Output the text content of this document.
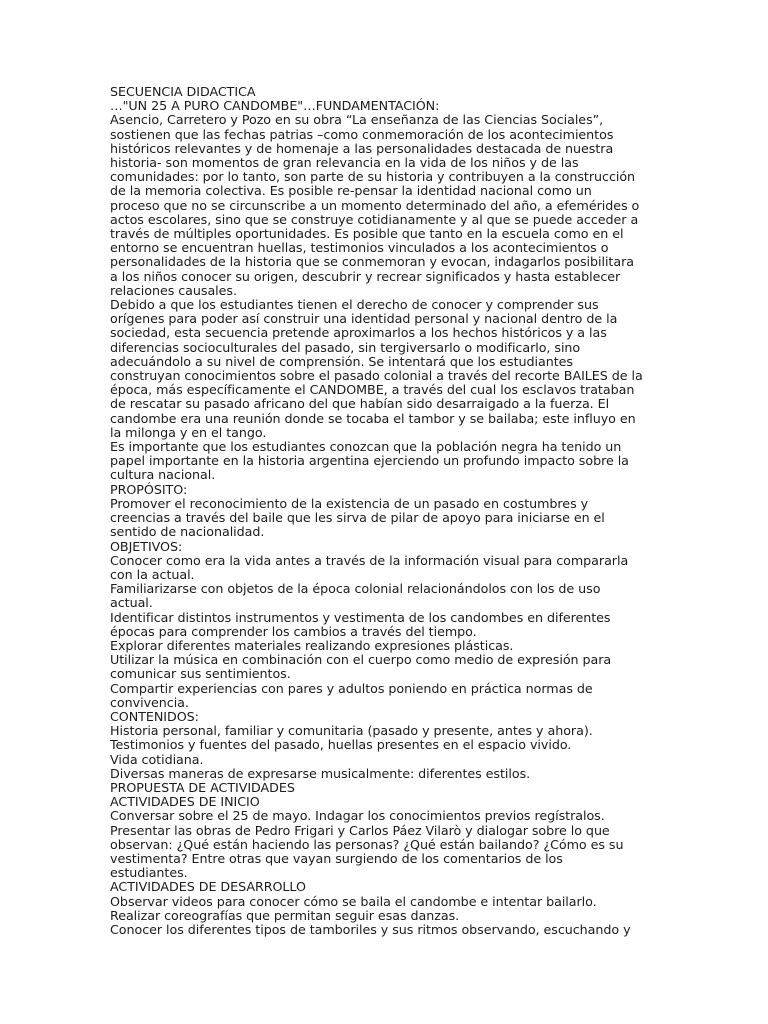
SECUENCIA DIDACTICA

…"UN 25 A PURO CANDOMBE"…FUNDAMENTACIÓN:

Asencio, Carretero y Pozo en su obra “La enseñanza de las Ciencias Sociales”,
sostienen que las fechas patrias –como conmemoración de los acontecimientos
históricos relevantes y de homenaje a las personalidades destacada de nuestra
historia- son momentos de gran relevancia en la vida de los niños y de las
comunidades: por lo tanto, son parte de su historia y contribuyen a la construcción
de la memoria colectiva. Es posible re-pensar la identidad nacional como un
proceso que no se circunscribe a un momento determinado del año, a efemérides o
actos escolares, sino que se construye cotidianamente y al que se puede acceder a
través de múltiples oportunidades. Es posible que tanto en la escuela como en el
entorno se encuentran huellas, testimonios vinculados a los acontecimientos o
personalidades de la historia que se conmemoran y evocan, indagarlos posibilitara
a los niños conocer su origen, descubrir y recrear significados y hasta establecer
relaciones causales.

Debido a que los estudiantes tienen el derecho de conocer y comprender sus
orígenes para poder así construir una identidad personal y nacional dentro de la
sociedad, esta secuencia pretende aproximarlos a los hechos históricos y a las
diferencias socioculturales del pasado, sin tergiversarlo o modificarlo, sino
adecuándolo a su nivel de comprensión. Se intentará que los estudiantes
construyan conocimientos sobre el pasado colonial a través del recorte BAILES de la
época, más específicamente el CANDOMBE, a través del cual los esclavos trataban
de rescatar su pasado africano del que habían sido desarraigado a la fuerza. El
candombe era una reunión donde se tocaba el tambor y se bailaba; este influyo en
la milonga y en el tango.

Es importante que los estudiantes conozcan que la población negra ha tenido un
papel importante en la historia argentina ejerciendo un profundo impacto sobre la
cultura nacional.

PROPÓSITO:

Promover el reconocimiento de la existencia de un pasado en costumbres y
creencias a través del baile que les sirva de pilar de apoyo para iniciarse en el
sentido de nacionalidad.

OBJETIVOS:

Conocer como era la vida antes a través de la información visual para compararla
con la actual.

Familiarizarse con objetos de la época colonial relacionándolos con los de uso
actual.

Identificar distintos instrumentos y vestimenta de los candombes en diferentes
épocas para comprender los cambios a través del tiempo.

Explorar diferentes materiales realizando expresiones plásticas.

Utilizar la música en combinación con el cuerpo como medio de expresión para
comunicar sus sentimientos.

Compartir experiencias con pares y adultos poniendo en práctica normas de
convivencia.

CONTENIDOS:

Historia personal, familiar y comunitaria (pasado y presente, antes y ahora).

Testimonios y fuentes del pasado, huellas presentes en el espacio vivido.

Vida cotidiana.

Diversas maneras de expresarse musicalmente: diferentes estilos.

PROPUESTA DE ACTIVIDADES

ACTIVIDADES DE INICIO

Conversar sobre el 25 de mayo. Indagar los conocimientos previos regístralos.

Presentar las obras de Pedro Frigari y Carlos Páez Vilarò y dialogar sobre lo que
observan: ¿Qué están haciendo las personas? ¿Qué están bailando? ¿Cómo es su
vestimenta? Entre otras que vayan surgiendo de los comentarios de los
estudiantes.

ACTIVIDADES DE DESARROLLO

Observar videos para conocer cómo se baila el candombe e intentar bailarlo.

Realizar coreografías que permitan seguir esas danzas.

Conocer los diferentes tipos de tamboriles y sus ritmos observando, escuchando y
